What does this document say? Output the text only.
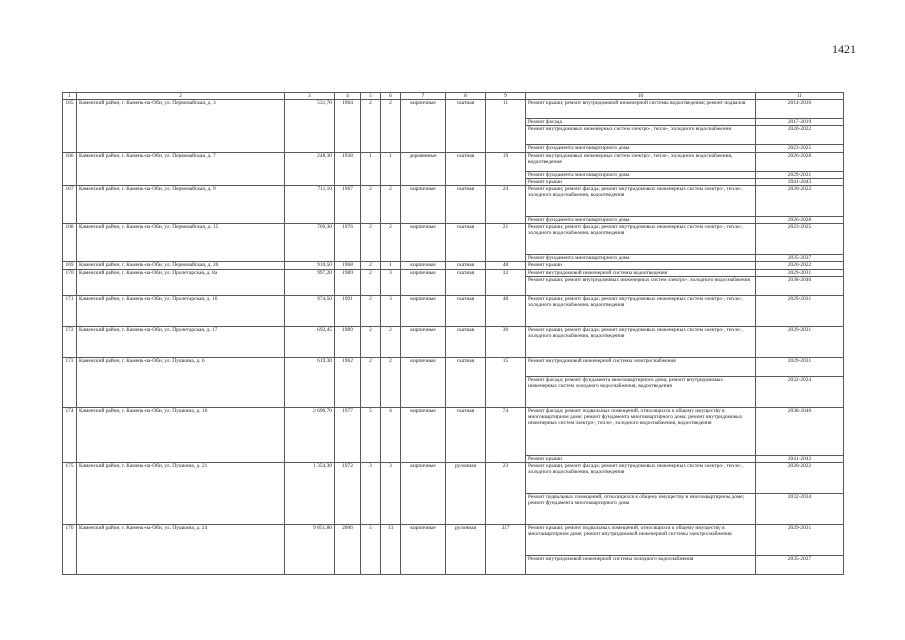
1421
1	2	3	4	5	6	7	8	9	10	11
165	Каменский район, г. Камень-на-Оби, ул. Первомайская, д. 3	531,70	1964	2	2	кирпичные	скатная	11	Ремонт крыши; ремонт внутридомовой инженерной системы водоотведения; ремонт подвалов	2014-2016
									Ремонт фасада	2017-2019
									Ремонт внутридомовых инженерных систем электро-, тепло-, холодного водоснабжения	2020-2022
									Ремонт фундамента многоквартирного дома	2023-2025
166	Каменский район, г. Камень-на-Оби, ул. Первомайская, д. 7	248,30	1938	1	1	деревянные	скатная	19	Ремонт внутридомовых инженерных систем электро-, тепло-, холодного водоснабжения, водоотведения	2026-2028
									Ремонт фундамента многоквартирного дома	2029-2031
									Ремонт крыши	2041-2043
167	Каменский район, г. Камень-на-Оби, ул. Первомайская, д. 9	711,10	1967	2	2	кирпичные	скатная	24	Ремонт крыши; ремонт фасада; ремонт внутридомовых инженерных систем электро-, тепло-, холодного водоснабжения, водоотведения	2020-2022
									Ремонт фундамента многоквартирного дома	2026-2028
168	Каменский район, г. Камень-на-Оби, ул. Первомайская, д. 15	709,30	1976	2	2	кирпичные	скатная	21	Ремонт крыши; ремонт фасада; ремонт внутридомовых инженерных систем электро-, тепло-, холодного водоснабжения, водоотведения	2023-2025
									Ремонт фундамента многоквартирного дома	2035-2037
169	Каменский район, г. Камень-на-Оби, ул. Первомайская, д. 26	910,50	1968	2	1	кирпичные	скатная	48	Ремонт крыши	2020-2022
170	Каменский район, г. Камень-на-Оби, ул. Пролетарская, д. 8а	997,20	1989	2	3	кирпичные	скатная	32	Ремонт внутридомовой инженерной системы водоотведения	2029-2031
									Ремонт крыши; ремонт внутридомовых инженерных систем электро-, холодного водоснабжения	2038-2040
171	Каменский район, г. Камень-на-Оби, ул. Пролетарская, д. 16	974,50	1991	2	3	кирпичные	скатная	48	Ремонт крыши; ремонт фасада; ремонт внутридомовых инженерных систем электро-, тепло-, холодного водоснабжения, водоотведения	2029-2031
172	Каменский район, г. Камень-на-Оби, ул. Пролетарская, д. 17	692,45	1989	2	2	кирпичные	скатная	30	Ремонт крыши; ремонт фасада; ремонт внутридомовых инженерных систем электро-, тепло-, холодного водоснабжения, водоотведения	2029-2031
173	Каменский район, г. Камень-на-Оби, ул. Пушкина, д. 6	619,30	1962	2	2	кирпичные	скатная	15	Ремонт внутридомовой инженерной системы электроснабжения	2029-2031
									Ремонт фасада; ремонт фундамента многоквартирного дома; ремонт внутридомовых инженерных систем холодного водоснабжения, водоотведения	2032-2034
174	Каменский район, г. Камень-на-Оби, ул. Пушкина, д. 16	2 696,70	1977	5	4	кирпичные	скатная	74	Ремонт фасада; ремонт подвальных помещений, относящихся к общему имуществу в многоквартирном доме; ремонт фундамента многоквартирного дома; ремонт внутридомовых инженерных систем электро-, тепло-, холодного водоснабжения, водоотведения	2038-2040
									Ремонт крыши	2041-2043
175	Каменский район, г. Камень-на-Оби, ул. Пушкина, д. 21	1 354,30	1972	3	3	кирпичные	рулонная	23	Ремонт крыши; ремонт фасада; ремонт внутридомовых инженерных систем электро-, тепло-, холодного водоснабжения, водоотведения	2020-2022
									Ремонт подвальных помещений, относящихся к общему имуществу в многоквартирном доме; ремонт фундамента многоквартирного дома	2032-2034
176	Каменский район, г. Камень-на-Оби, ул. Пушкина, д. 24	9 851,80	2006	5	13	кирпичные	рулонная	317	Ремонт крыши; ремонт подвальных помещений, относящихся к общему имуществу в многоквартирном доме; ремонт внутридомовой инженерной системы электроснабжения	2029-2031
									Ремонт внутридомовой инженерной системы холодного водоснабжения	2035-2037
